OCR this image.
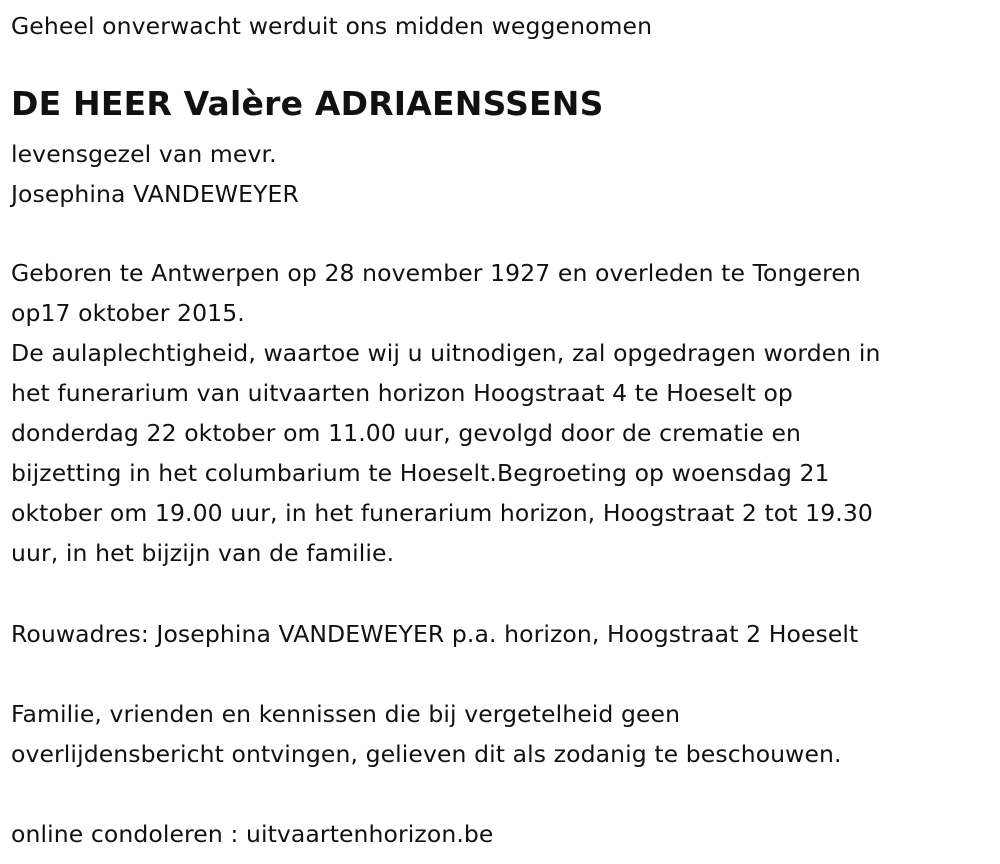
Geheel onverwacht werduit ons midden weggenomen
DE HEER Valère ADRIAENSSENS
levensgezel van mevr.
Josephina VANDEWEYER
Geboren te Antwerpen op 28 november 1927 en overleden te Tongeren
op17 oktober 2015.
De aulaplechtigheid, waartoe wij u uitnodigen, zal opgedragen worden in
het funerarium van uitvaarten horizon Hoogstraat 4 te Hoeselt op
donderdag 22 oktober om 11.00 uur, gevolgd door de crematie en
bijzetting in het columbarium te Hoeselt.Begroeting op woensdag 21
oktober om 19.00 uur, in het funerarium horizon, Hoogstraat 2 tot 19.30
uur, in het bijzijn van de familie.
Rouwadres: Josephina VANDEWEYER p.a. horizon, Hoogstraat 2 Hoeselt
Familie, vrienden en kennissen die bij vergetelheid geen
overlijdensbericht ontvingen, gelieven dit als zodanig te beschouwen.
online condoleren : uitvaartenhorizon.be
